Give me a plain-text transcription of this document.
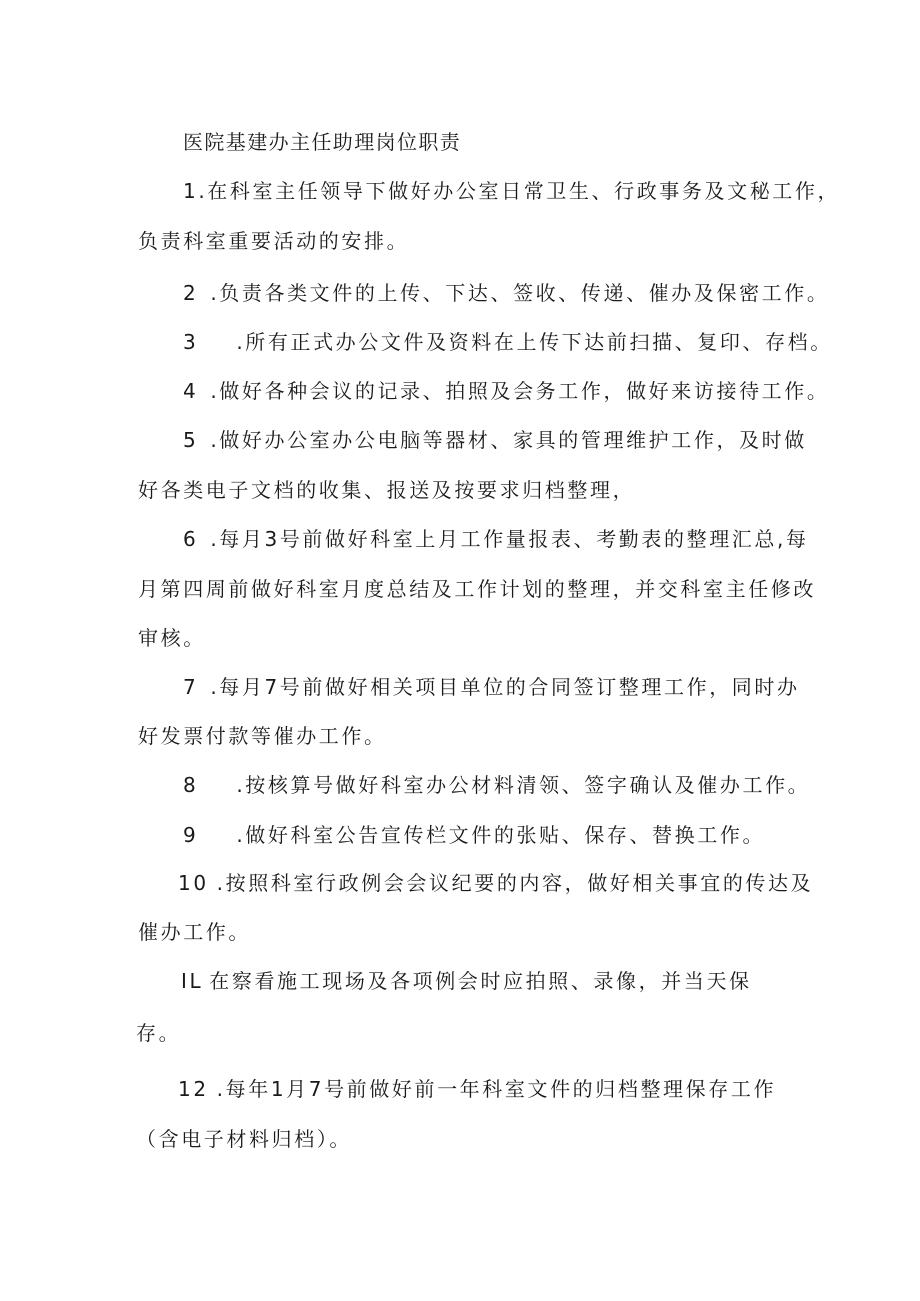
医院基建办主任助理岗位职责
1.在科室主任领导下做好办公室日常卫生、行政事务及文秘工作，
负责科室重要活动的安排。
2 .负责各类文件的上传、下达、签收、传递、催办及保密工作。
3 .所有正式办公文件及资料在上传下达前扫描、复印、存档。
4 .做好各种会议的记录、拍照及会务工作，做好来访接待工作。
5 .做好办公室办公电脑等器材、家具的管理维护工作，及时做
好各类电子文档的收集、报送及按要求归档整理，
6 .每月3号前做好科室上月工作量报表、考勤表的整理汇总,每
月第四周前做好科室月度总结及工作计划的整理，并交科室主任修改
审核。
7 .每月7号前做好相关项目单位的合同签订整理工作，同时办
好发票付款等催办工作。
8 .按核算号做好科室办公材料清领、签字确认及催办工作。
9 .做好科室公告宣传栏文件的张贴、保存、替换工作。
10 .按照科室行政例会会议纪要的内容，做好相关事宜的传达及
催办工作。
IL 在察看施工现场及各项例会时应拍照、录像，并当天保
存。
12 .每年1月7号前做好前一年科室文件的归档整理保存工作
（含电子材料归档）。
